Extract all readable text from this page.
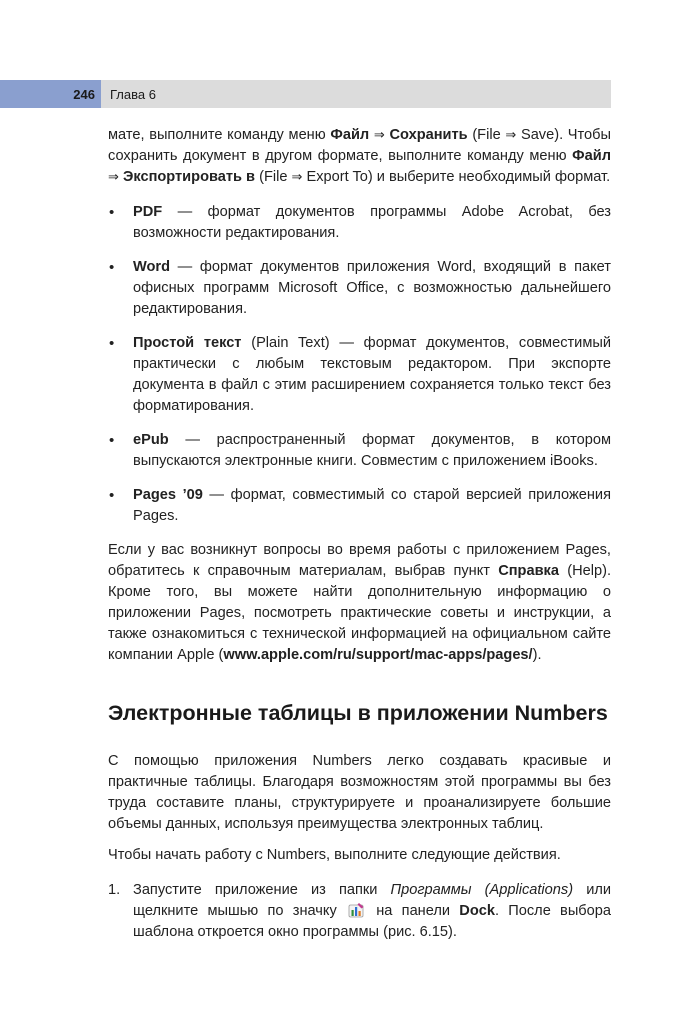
246	Глава 6

мате, выполните команду меню Файл ⇒ Сохранить (File ⇒ Save). Чтобы сохранить документ в другом формате, выполните команду меню Файл ⇒ Экспортировать в (File ⇒ Export To) и выберите необходимый формат.

• PDF — формат документов программы Adobe Acrobat, без возможности редактирования.
• Word — формат документов приложения Word, входящий в пакет офисных программ Microsoft Office, с возможностью дальнейшего редактирования.
• Простой текст (Plain Text) — формат документов, совместимый практически с любым текстовым редактором. При экспорте документа в файл с этим расширением сохраняется только текст без форматирования.
• ePub — распространенный формат документов, в котором выпускаются электронные книги. Совместим с приложением iBooks.
• Pages ’09 — формат, совместимый со старой версией приложения Pages.

Если у вас возникнут вопросы во время работы с приложением Pages, обратитесь к справочным материалам, выбрав пункт Справка (Help). Кроме того, вы можете найти дополнительную информацию о приложении Pages, посмотреть практические советы и инструкции, а также ознакомиться с технической информацией на официальном сайте компании Apple (www.apple.com/ru/support/mac-apps/pages/).

Электронные таблицы в приложении Numbers

С помощью приложения Numbers легко создавать красивые и практичные таблицы. Благодаря возможностям этой программы вы без труда составите планы, структурируете и проанализируете большие объемы данных, используя преимущества электронных таблиц.

Чтобы начать работу с Numbers, выполните следующие действия.

1. Запустите приложение из папки Программы (Applications) или щелкните мышью по значку  на панели Dock. После выбора шаблона откроется окно программы (рис. 6.15).
